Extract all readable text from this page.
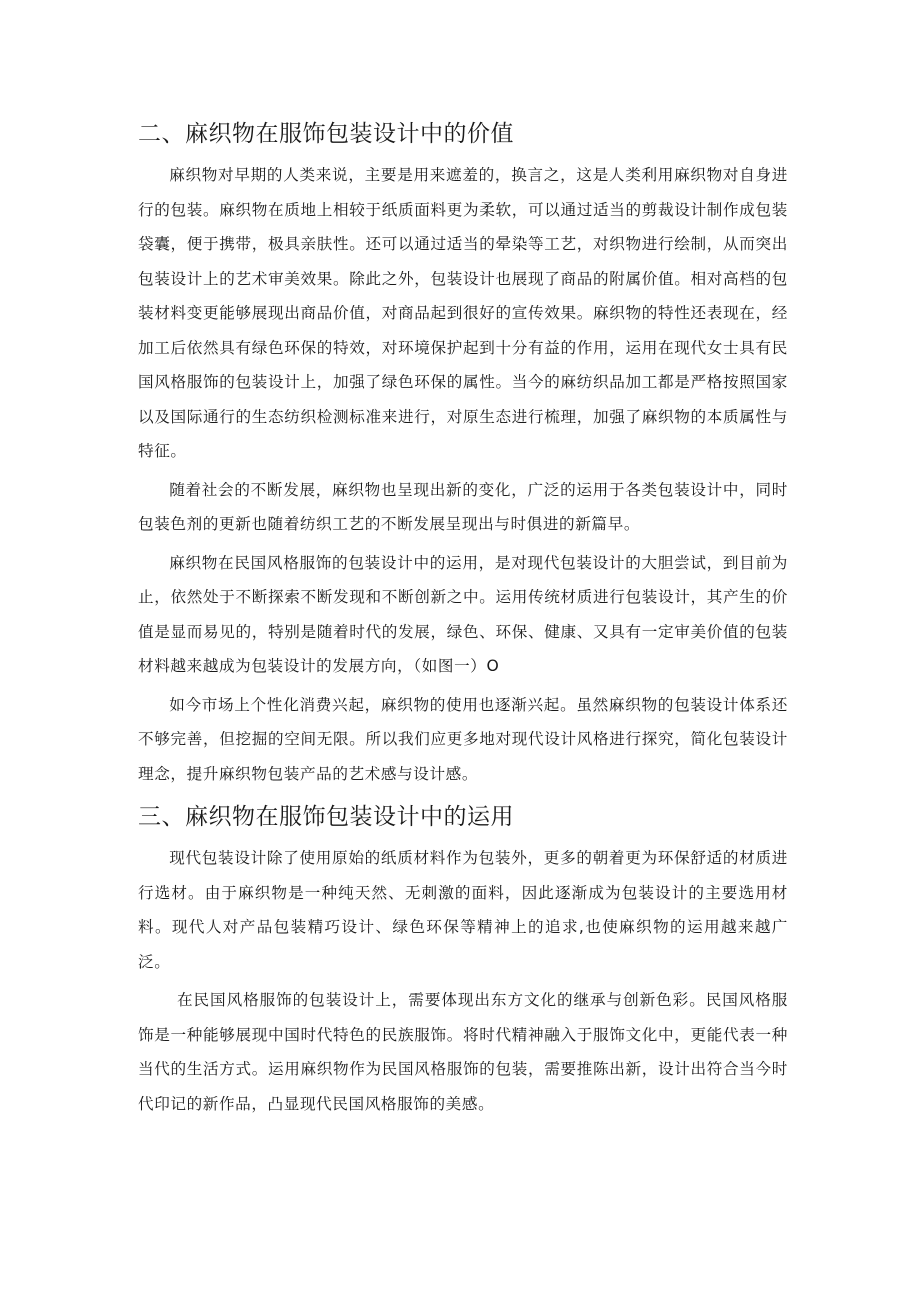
二、麻织物在服饰包装设计中的价值

麻织物对早期的人类来说，主要是用来遮羞的，换言之，这是人类利用麻织物对自身进行的包装。麻织物在质地上相较于纸质面料更为柔软，可以通过适当的剪裁设计制作成包装袋囊，便于携带，极具亲肤性。还可以通过适当的晕染等工艺，对织物进行绘制，从而突出包装设计上的艺术审美效果。除此之外，包装设计也展现了商品的附属价值。相对高档的包装材料变更能够展现出商品价值，对商品起到很好的宣传效果。麻织物的特性还表现在，经加工后依然具有绿色环保的特效，对环境保护起到十分有益的作用，运用在现代女士具有民国风格服饰的包装设计上，加强了绿色环保的属性。当今的麻纺织品加工都是严格按照国家以及国际通行的生态纺织检测标准来进行，对原生态进行梳理，加强了麻织物的本质属性与特征。

随着社会的不断发展，麻织物也呈现出新的变化，广泛的运用于各类包装设计中，同时包装色剂的更新也随着纺织工艺的不断发展呈现出与时俱进的新篇早。

麻织物在民国风格服饰的包装设计中的运用，是对现代包装设计的大胆尝试，到目前为止，依然处于不断探索不断发现和不断创新之中。运用传统材质进行包装设计，其产生的价值是显而易见的，特别是随着时代的发展，绿色、环保、健康、又具有一定审美价值的包装材料越来越成为包装设计的发展方向，（如图一）O

如今市场上个性化消费兴起，麻织物的使用也逐渐兴起。虽然麻织物的包装设计体系还不够完善，但挖掘的空间无限。所以我们应更多地对现代设计风格进行探究，简化包装设计理念，提升麻织物包装产品的艺术感与设计感。

三、麻织物在服饰包装设计中的运用

现代包装设计除了使用原始的纸质材料作为包装外，更多的朝着更为环保舒适的材质进行选材。由于麻织物是一种纯天然、无刺激的面料，因此逐渐成为包装设计的主要选用材料。现代人对产品包装精巧设计、绿色环保等精神上的追求,也使麻织物的运用越来越广泛。

在民国风格服饰的包装设计上，需要体现出东方文化的继承与创新色彩。民国风格服饰是一种能够展现中国时代特色的民族服饰。将时代精神融入于服饰文化中，更能代表一种当代的生活方式。运用麻织物作为民国风格服饰的包装，需要推陈出新，设计出符合当今时代印记的新作品，凸显现代民国风格服饰的美感。
